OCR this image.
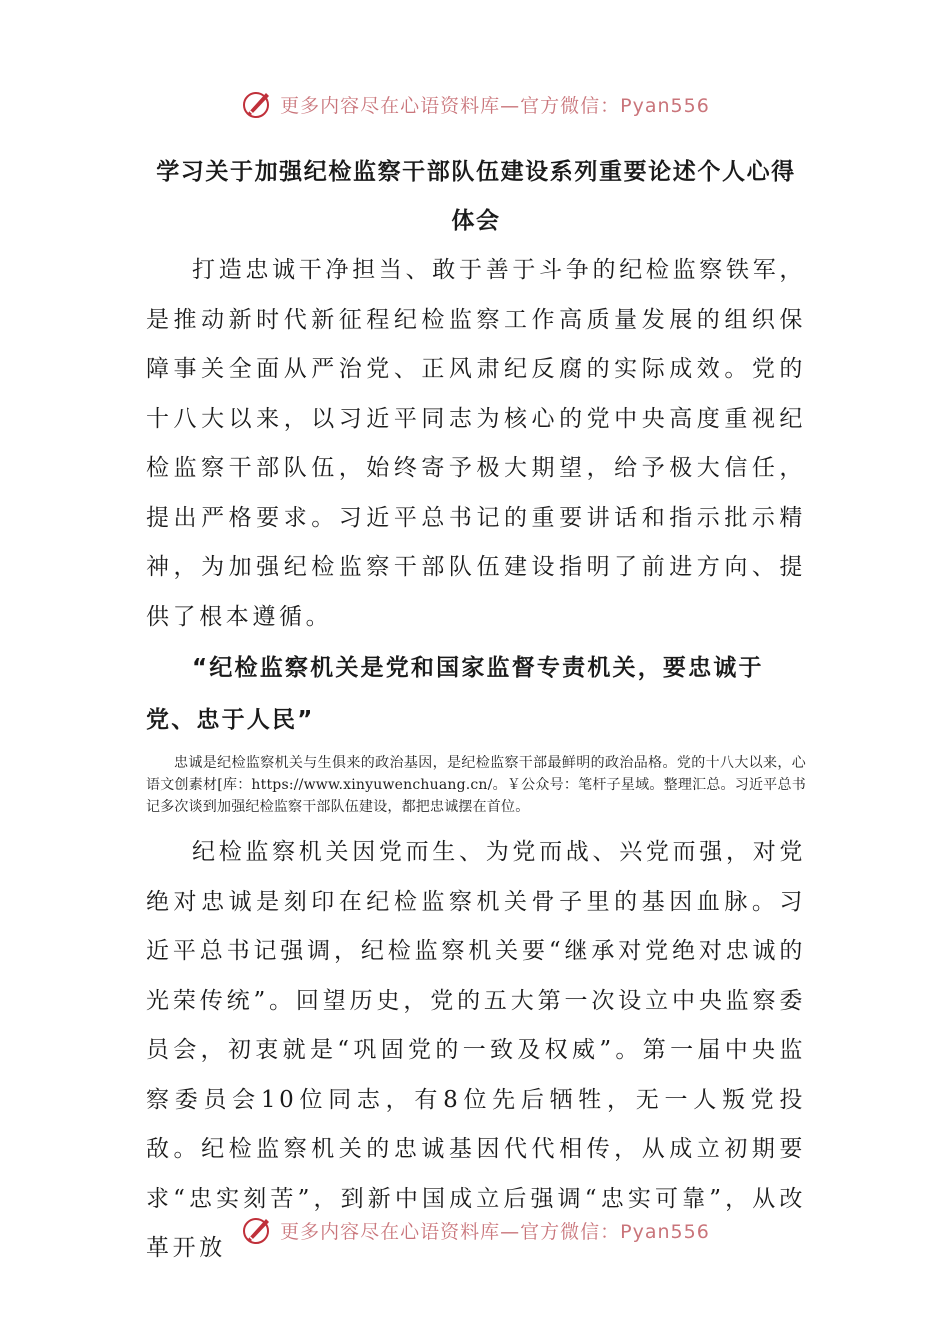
更多内容尽在心语资料库—官方微信：Pyan556
学习关于加强纪检监察干部队伍建设系列重要论述个人心得体会

打造忠诚干净担当、敢于善于斗争的纪检监察铁军，是推动新时代新征程纪检监察工作高质量发展的组织保障事关全面从严治党、正风肃纪反腐的实际成效。党的十八大以来，以习近平同志为核心的党中央高度重视纪检监察干部队伍，始终寄予极大期望，给予极大信任，提出严格要求。习近平总书记的重要讲话和指示批示精神，为加强纪检监察干部队伍建设指明了前进方向、提供了根本遵循。

“纪检监察机关是党和国家监督专责机关，要忠诚于党、忠于人民”

忠诚是纪检监察机关与生俱来的政治基因，是纪检监察干部最鲜明的政治品格。党的十八大以来，心语文创素材[库：https://www.xinyuwenchuang.cn/。￥公众号：笔杆子星域。整理汇总。习近平总书记多次谈到加强纪检监察干部队伍建设，都把忠诚摆在首位。

纪检监察机关因党而生、为党而战、兴党而强，对党绝对忠诚是刻印在纪检监察机关骨子里的基因血脉。习近平总书记强调，纪检监察机关要“继承对党绝对忠诚的光荣传统”。回望历史，党的五大第一次设立中央监察委员会，初衷就是“巩固党的一致及权威”。第一届中央监察委员会10位同志，有8位先后牺牲，无一人叛党投敌。纪检监察机关的忠诚基因代代相传，从成立初期要求“忠实刻苦”，到新中国成立后强调“忠实可靠”，从改革开放

更多内容尽在心语资料库—官方微信：Pyan556
